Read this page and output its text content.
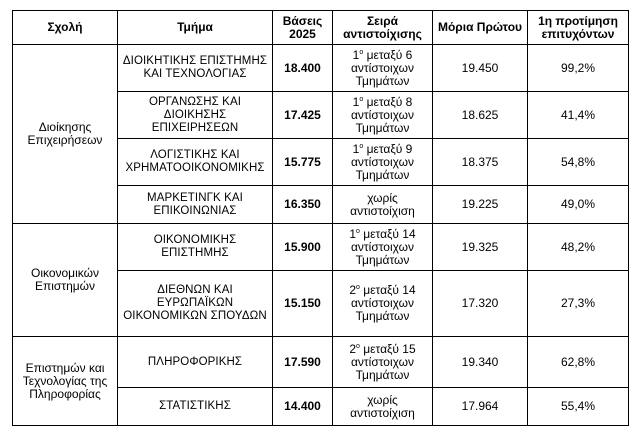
Σχολή	Τμήμα	Βάσεις 2025	Σειρά αντιστοίχισης	Μόρια Πρώτου	1η προτίμηση επιτυχόντων
Διοίκησης Επιχειρήσεων	ΔΙΟΙΚΗΤΙΚΗΣ ΕΠΙΣΤΗΜΗΣ ΚΑΙ ΤΕΧΝΟΛΟΓΙΑΣ	18.400	$1^o$ μεταξύ 6 αντίστοιχων Τμημάτων	19.450	99,2%
	ΟΡΓΑΝΩΣΗΣ ΚΑΙ ΔΙΟΙΚΗΣΗΣ ΕΠΙΧΕΙΡΗΣΕΩΝ	17.425	$1^o$ μεταξύ 8 αντίστοιχων Τμημάτων	18.625	41,4%
	ΛΟΓΙΣΤΙΚΗΣ ΚΑΙ ΧΡΗΜΑΤΟΟΙΚΟΝΟΜΙΚΗΣ	15.775	$1^o$ μεταξύ 9 αντίστοιχων Τμημάτων	18.375	54,8%
	ΜΑΡΚΕΤΙΝΓΚ ΚΑΙ ΕΠΙΚΟΙΝΩΝΙΑΣ	16.350	χωρίς αντιστοίχιση	19.225	49,0%
Οικονομικών Επιστημών	ΟΙΚΟΝΟΜΙΚΗΣ ΕΠΙΣΤΗΜΗΣ	15.900	$1^o$ μεταξύ 14 αντίστοιχων Τμημάτων	19.325	48,2%
	ΔΙΕΘΝΩΝ ΚΑΙ ΕΥΡΩΠΑΪΚΩΝ ΟΙΚΟΝΟΜΙΚΩΝ ΣΠΟΥΔΩΝ	15.150	$2^o$ μεταξύ 14 αντίστοιχων Τμημάτων	17.320	27,3%
Επιστημών και Τεχνολογίας της Πληροφορίας	ΠΛΗΡΟΦΟΡΙΚΗΣ	17.590	$2^o$ μεταξύ 15 αντίστοιχων Τμημάτων	19.340	62,8%
	ΣΤΑΤΙΣΤΙΚΗΣ	14.400	χωρίς αντιστοίχιση	17.964	55,4%
